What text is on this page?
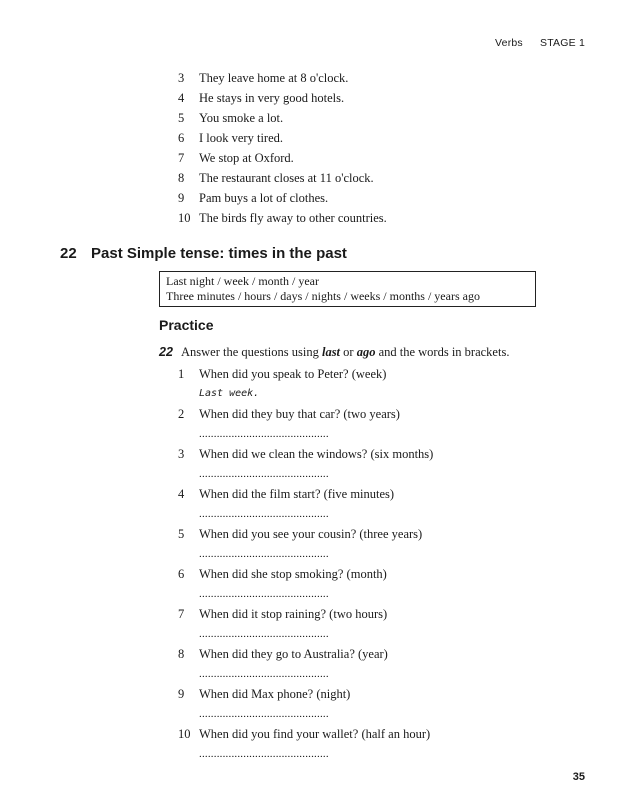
Verbs STAGE 1
3 They leave home at 8 o'clock.
4 He stays in very good hotels.
5 You smoke a lot.
6 I look very tired.
7 We stop at Oxford.
8 The restaurant closes at 11 o'clock.
9 Pam buys a lot of clothes.
10 The birds fly away to other countries.
22 Past Simple tense: times in the past
Last night / week / month / year
Three minutes / hours / days / nights / weeks / months / years ago
Practice
22 Answer the questions using last or ago and the words in brackets.
1 When did you speak to Peter? (week)
Last week.
2 When did they buy that car? (two years)
............................................
3 When did we clean the windows? (six months)
............................................
4 When did the film start? (five minutes)
............................................
5 When did you see your cousin? (three years)
............................................
6 When did she stop smoking? (month)
............................................
7 When did it stop raining? (two hours)
............................................
8 When did they go to Australia? (year)
............................................
9 When did Max phone? (night)
............................................
10 When did you find your wallet? (half an hour)
............................................
35
